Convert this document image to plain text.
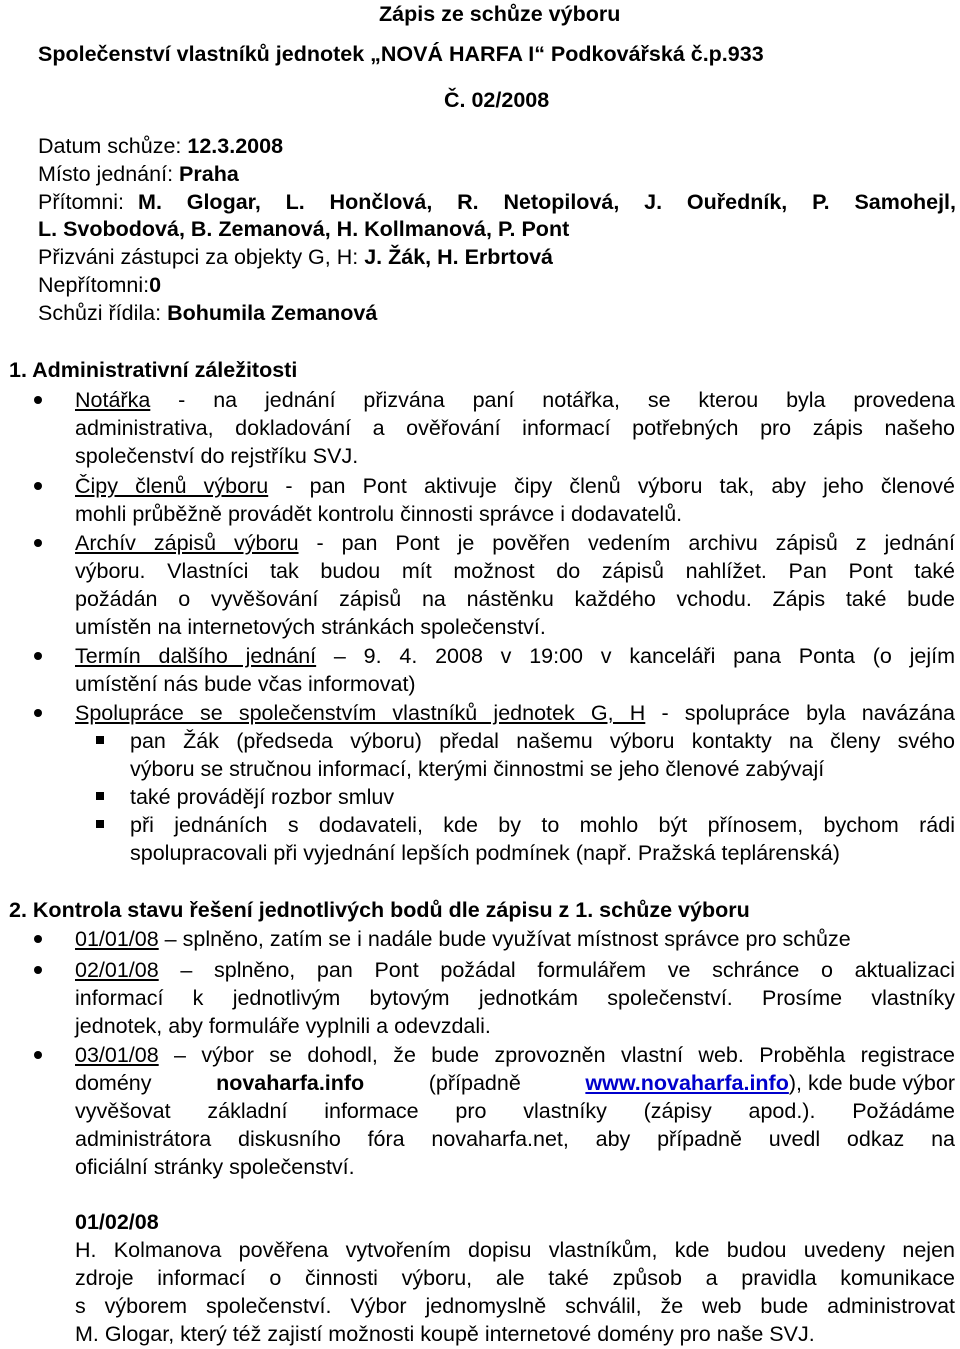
Zápis ze schůze výboru
Společenství vlastníků jednotek „NOVÁ HARFA I“ Podkovářská č.p.933
Č. 02/2008
Datum schůze: 12.3.2008
Místo jednání: Praha
Přítomni: M. Glogar, L. Hončlová, R. Netopilová, J. Ouředník, P. Samohejl,
L. Svobodová, B. Zemanová, H. Kollmanová, P. Pont
Přizváni zástupci za objekty G, H: J. Žák, H. Erbrtová
Nepřítomni:0
Schůzi řídila: Bohumila Zemanová
1. Administrativní záležitosti
Notářka - na jednání přizvána paní notářka, se kterou byla provedena
administrativa, dokladování a ověřování informací potřebných pro zápis našeho
společenství do rejstříku SVJ.
Čipy členů výboru - pan Pont aktivuje čipy členů výboru tak, aby jeho členové
mohli průběžně provádět kontrolu činnosti správce i dodavatelů.
Archív zápisů výboru - pan Pont je pověřen vedením archivu zápisů z jednání
výboru. Vlastníci tak budou mít možnost do zápisů nahlížet. Pan Pont také
požádán o vyvěšování zápisů na nástěnku každého vchodu. Zápis také bude
umístěn na internetových stránkách společenství.
Termín dalšího jednání – 9. 4. 2008 v 19:00 v kanceláři pana Ponta (o jejím
umístění nás bude včas informovat)
Spolupráce se společenstvím vlastníků jednotek G, H - spolupráce byla navázána
pan Žák (předseda výboru) předal našemu výboru kontakty na členy svého
výboru se stručnou informací, kterými činnostmi se jeho členové zabývají
také provádějí rozbor smluv
při jednáních s dodavateli, kde by to mohlo být přínosem, bychom rádi
spolupracovali při vyjednání lepších podmínek (např. Pražská teplárenská)
2. Kontrola stavu řešení jednotlivých bodů dle zápisu z 1. schůze výboru
01/01/08 – splněno, zatím se i nadále bude využívat místnost správce pro schůze
02/01/08 – splněno, pan Pont požádal formulářem ve schránce o aktualizaci
informací k jednotlivým bytovým jednotkám společenství. Prosíme vlastníky
jednotek, aby formuláře vyplnili a odevzdali.
03/01/08 – výbor se dohodl, že bude zprovozněn vlastní web. Proběhla registrace
domény	novaharfa.info	(případně	www.novaharfa.info), kde bude výbor
vyvěšovat základní informace pro vlastníky (zápisy apod.). Požádáme
administrátora diskusního fóra novaharfa.net, aby případně uvedl odkaz na
oficiální stránky společenství.
01/02/08
H. Kolmanova pověřena vytvořením dopisu vlastníkům, kde budou uvedeny nejen
zdroje informací o činnosti výboru, ale také způsob a pravidla komunikace
s výborem společenství. Výbor jednomyslně schválil, že web bude administrovat
M. Glogar, který též zajistí možnosti koupě internetové domény pro naše SVJ.
